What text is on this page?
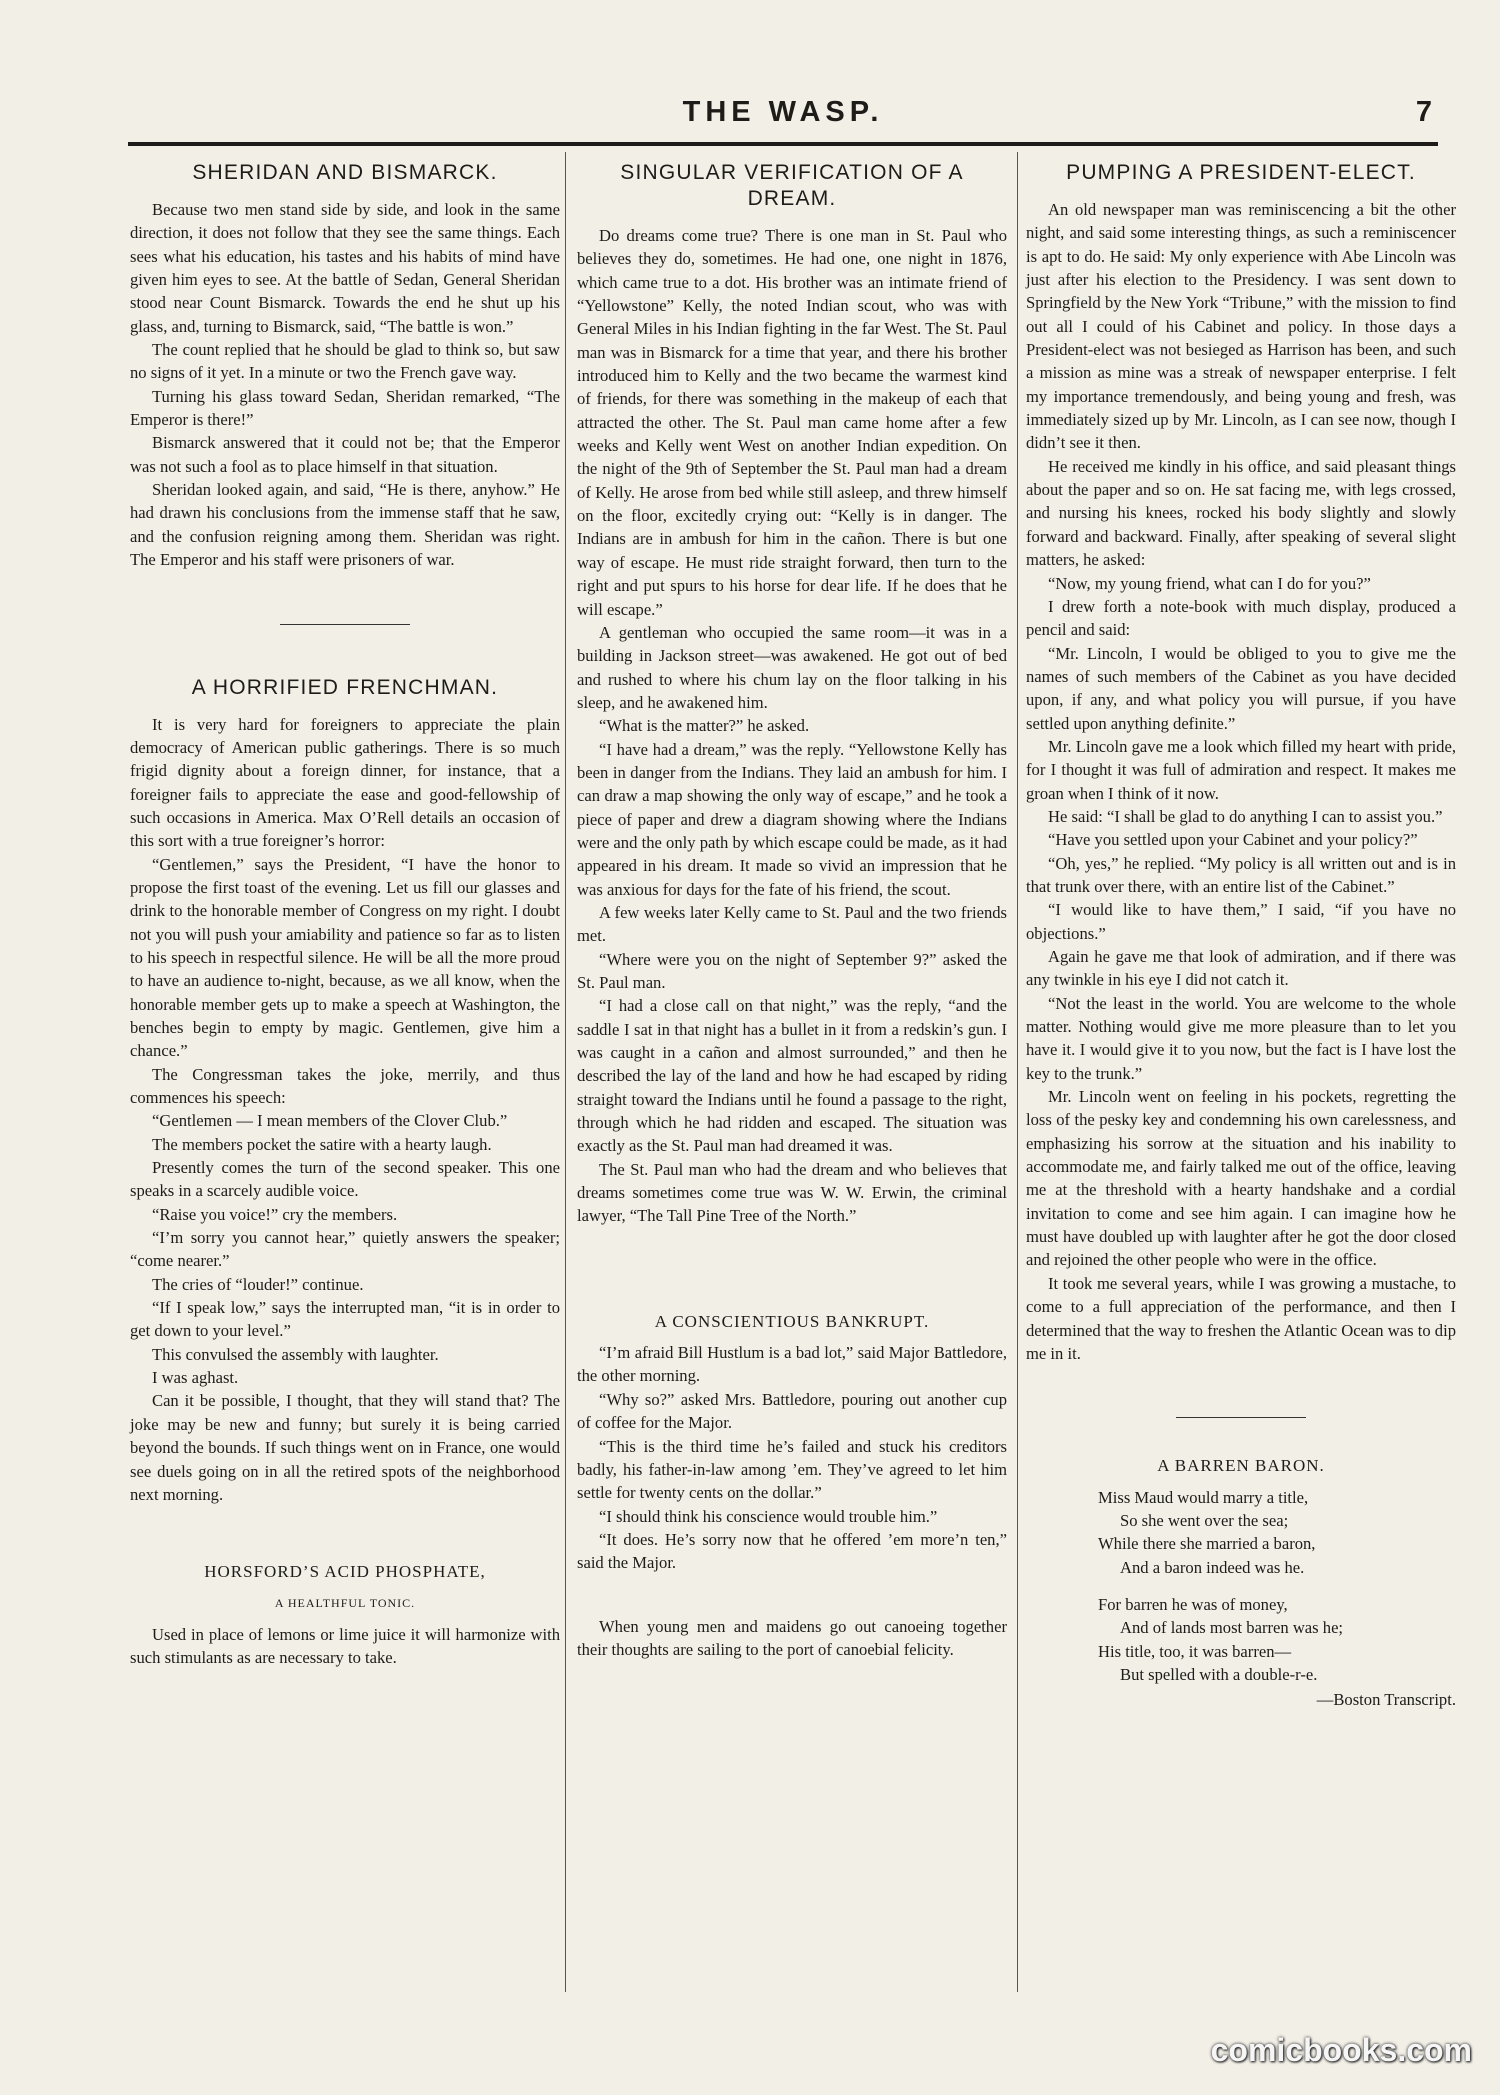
THE WASP.	7
SHERIDAN AND BISMARCK.

Because two men stand side by side, and look in the same direction, it does not follow that they see the same things. Each sees what his education, his tastes and his habits of mind have given him eyes to see. At the battle of Sedan, General Sheridan stood near Count Bismarck. Towards the end he shut up his glass, and, turning to Bismarck, said, “The battle is won.”

The count replied that he should be glad to think so, but saw no signs of it yet. In a minute or two the French gave way.

Turning his glass toward Sedan, Sheridan remarked, “The Emperor is there!”

Bismarck answered that it could not be; that the Emperor was not such a fool as to place himself in that situation.

Sheridan looked again, and said, “He is there, anyhow.” He had drawn his conclusions from the immense staff that he saw, and the confusion reigning among them. Sheridan was right. The Emperor and his staff were prisoners of war.

A HORRIFIED FRENCHMAN.

It is very hard for foreigners to appreciate the plain democracy of American public gatherings. There is so much frigid dignity about a foreign dinner, for instance, that a foreigner fails to appreciate the ease and good-fellowship of such occasions in America. Max O’Rell details an occasion of this sort with a true foreigner’s horror:

“Gentlemen,” says the President, “I have the honor to propose the first toast of the evening. Let us fill our glasses and drink to the honorable member of Congress on my right. I doubt not you will push your amiability and patience so far as to listen to his speech in respectful silence. He will be all the more proud to have an audience to-night, because, as we all know, when the honorable member gets up to make a speech at Washington, the benches begin to empty by magic. Gentlemen, give him a chance.”

The Congressman takes the joke, merrily, and thus commences his speech:

“Gentlemen — I mean members of the Clover Club.”

The members pocket the satire with a hearty laugh.

Presently comes the turn of the second speaker. This one speaks in a scarcely audible voice.

“Raise you voice!” cry the members.

“I’m sorry you cannot hear,” quietly answers the speaker; “come nearer.”

The cries of “louder!” continue.

“If I speak low,” says the interrupted man, “it is in order to get down to your level.”

This convulsed the assembly with laughter.

I was aghast.

Can it be possible, I thought, that they will stand that? The joke may be new and funny; but surely it is being carried beyond the bounds. If such things went on in France, one would see duels going on in all the retired spots of the neighborhood next morning.

HORSFORD’S ACID PHOSPHATE,
A HEALTHFUL TONIC.

Used in place of lemons or lime juice it will harmonize with such stimulants as are necessary to take.

SINGULAR VERIFICATION OF A DREAM.

Do dreams come true? There is one man in St. Paul who believes they do, sometimes. He had one, one night in 1876, which came true to a dot. His brother was an intimate friend of “Yellowstone” Kelly, the noted Indian scout, who was with General Miles in his Indian fighting in the far West. The St. Paul man was in Bismarck for a time that year, and there his brother introduced him to Kelly and the two became the warmest kind of friends, for there was something in the makeup of each that attracted the other. The St. Paul man came home after a few weeks and Kelly went West on another Indian expedition. On the night of the 9th of September the St. Paul man had a dream of Kelly. He arose from bed while still asleep, and threw himself on the floor, excitedly crying out: “Kelly is in danger. The Indians are in ambush for him in the cañon. There is but one way of escape. He must ride straight forward, then turn to the right and put spurs to his horse for dear life. If he does that he will escape.”

A gentleman who occupied the same room—it was in a building in Jackson street—was awakened. He got out of bed and rushed to where his chum lay on the floor talking in his sleep, and he awakened him.

“What is the matter?” he asked.

“I have had a dream,” was the reply. “Yellowstone Kelly has been in danger from the Indians. They laid an ambush for him. I can draw a map showing the only way of escape,” and he took a piece of paper and drew a diagram showing where the Indians were and the only path by which escape could be made, as it had appeared in his dream. It made so vivid an impression that he was anxious for days for the fate of his friend, the scout.

A few weeks later Kelly came to St. Paul and the two friends met.

“Where were you on the night of September 9?” asked the St. Paul man.

“I had a close call on that night,” was the reply, “and the saddle I sat in that night has a bullet in it from a redskin’s gun. I was caught in a cañon and almost surrounded,” and then he described the lay of the land and how he had escaped by riding straight toward the Indians until he found a passage to the right, through which he had ridden and escaped. The situation was exactly as the St. Paul man had dreamed it was.

The St. Paul man who had the dream and who believes that dreams sometimes come true was W. W. Erwin, the criminal lawyer, “The Tall Pine Tree of the North.”

A CONSCIENTIOUS BANKRUPT.

“I’m afraid Bill Hustlum is a bad lot,” said Major Battledore, the other morning.

“Why so?” asked Mrs. Battledore, pouring out another cup of coffee for the Major.

“This is the third time he’s failed and stuck his creditors badly, his father-in-law among ’em. They’ve agreed to let him settle for twenty cents on the dollar.”

“I should think his conscience would trouble him.”

“It does. He’s sorry now that he offered ’em more’n ten,” said the Major.

When young men and maidens go out canoeing together their thoughts are sailing to the port of canoebial felicity.

PUMPING A PRESIDENT-ELECT.

An old newspaper man was reminiscencing a bit the other night, and said some interesting things, as such a reminiscencer is apt to do. He said: My only experience with Abe Lincoln was just after his election to the Presidency. I was sent down to Springfield by the New York “Tribune,” with the mission to find out all I could of his Cabinet and policy. In those days a President-elect was not besieged as Harrison has been, and such a mission as mine was a streak of newspaper enterprise. I felt my importance tremendously, and being young and fresh, was immediately sized up by Mr. Lincoln, as I can see now, though I didn’t see it then.

He received me kindly in his office, and said pleasant things about the paper and so on. He sat facing me, with legs crossed, and nursing his knees, rocked his body slightly and slowly forward and backward. Finally, after speaking of several slight matters, he asked:

“Now, my young friend, what can I do for you?”

I drew forth a note-book with much display, produced a pencil and said:

“Mr. Lincoln, I would be obliged to you to give me the names of such members of the Cabinet as you have decided upon, if any, and what policy you will pursue, if you have settled upon anything definite.”

Mr. Lincoln gave me a look which filled my heart with pride, for I thought it was full of admiration and respect. It makes me groan when I think of it now.

He said: “I shall be glad to do anything I can to assist you.”

“Have you settled upon your Cabinet and your policy?”

“Oh, yes,” he replied. “My policy is all written out and is in that trunk over there, with an entire list of the Cabinet.”

“I would like to have them,” I said, “if you have no objections.”

Again he gave me that look of admiration, and if there was any twinkle in his eye I did not catch it.

“Not the least in the world. You are welcome to the whole matter. Nothing would give me more pleasure than to let you have it. I would give it to you now, but the fact is I have lost the key to the trunk.”

Mr. Lincoln went on feeling in his pockets, regretting the loss of the pesky key and condemning his own carelessness, and emphasizing his sorrow at the situation and his inability to accommodate me, and fairly talked me out of the office, leaving me at the threshold with a hearty handshake and a cordial invitation to come and see him again. I can imagine how he must have doubled up with laughter after he got the door closed and rejoined the other people who were in the office.

It took me several years, while I was growing a mustache, to come to a full appreciation of the performance, and then I determined that the way to freshen the Atlantic Ocean was to dip me in it.

A BARREN BARON.
Miss Maud would marry a title,
So she went over the sea;
While there she married a baron,
And a baron indeed was he.
For barren he was of money,
And of lands most barren was he;
His title, too, it was barren—
But spelled with a double-r-e.
—Boston Transcript.
comicbooks.com
